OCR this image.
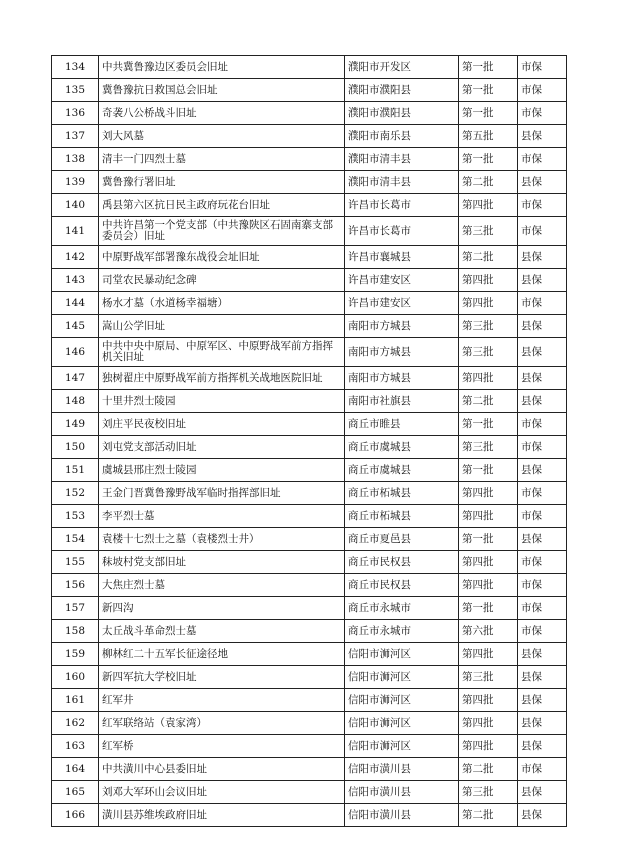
134	中共冀鲁豫边区委员会旧址	濮阳市开发区	第一批	市保
135	冀鲁豫抗日救国总会旧址	濮阳市濮阳县	第一批	市保
136	奇袭八公桥战斗旧址	濮阳市濮阳县	第一批	市保
137	刘大风墓	濮阳市南乐县	第五批	县保
138	清丰一门四烈士墓	濮阳市清丰县	第一批	市保
139	冀鲁豫行署旧址	濮阳市清丰县	第二批	县保
140	禹县第六区抗日民主政府玩花台旧址	许昌市长葛市	第四批	市保
141	中共许昌第一个党支部（中共豫陕区石固南寨支部委员会）旧址	许昌市长葛市	第三批	市保
142	中原野战军部署豫东战役会址旧址	许昌市襄城县	第二批	县保
143	司堂农民暴动纪念碑	许昌市建安区	第四批	县保
144	杨水才墓（水道杨幸福塘）	许昌市建安区	第四批	市保
145	嵩山公学旧址	南阳市方城县	第三批	县保
146	中共中央中原局、中原军区、中原野战军前方指挥机关旧址	南阳市方城县	第三批	县保
147	独树翟庄中原野战军前方指挥机关战地医院旧址	南阳市方城县	第四批	县保
148	十里井烈士陵园	南阳市社旗县	第二批	县保
149	刘庄平民夜校旧址	商丘市睢县	第一批	市保
150	刘屯党支部活动旧址	商丘市虞城县	第三批	市保
151	虞城县邢庄烈士陵园	商丘市虞城县	第一批	县保
152	王金门晋冀鲁豫野战军临时指挥部旧址	商丘市柘城县	第四批	市保
153	李平烈士墓	商丘市柘城县	第四批	市保
154	袁楼十七烈士之墓（袁楼烈士井）	商丘市夏邑县	第一批	县保
155	秣坡村党支部旧址	商丘市民权县	第四批	市保
156	大焦庄烈士墓	商丘市民权县	第四批	市保
157	新四沟	商丘市永城市	第一批	市保
158	太丘战斗革命烈士墓	商丘市永城市	第六批	市保
159	柳林红二十五军长征途径地	信阳市浉河区	第四批	县保
160	新四军抗大学校旧址	信阳市浉河区	第三批	县保
161	红军井	信阳市浉河区	第四批	县保
162	红军联络站（袁家湾）	信阳市浉河区	第四批	县保
163	红军桥	信阳市浉河区	第四批	县保
164	中共潢川中心县委旧址	信阳市潢川县	第二批	市保
165	刘邓大军环山会议旧址	信阳市潢川县	第三批	县保
166	潢川县苏维埃政府旧址	信阳市潢川县	第二批	县保
